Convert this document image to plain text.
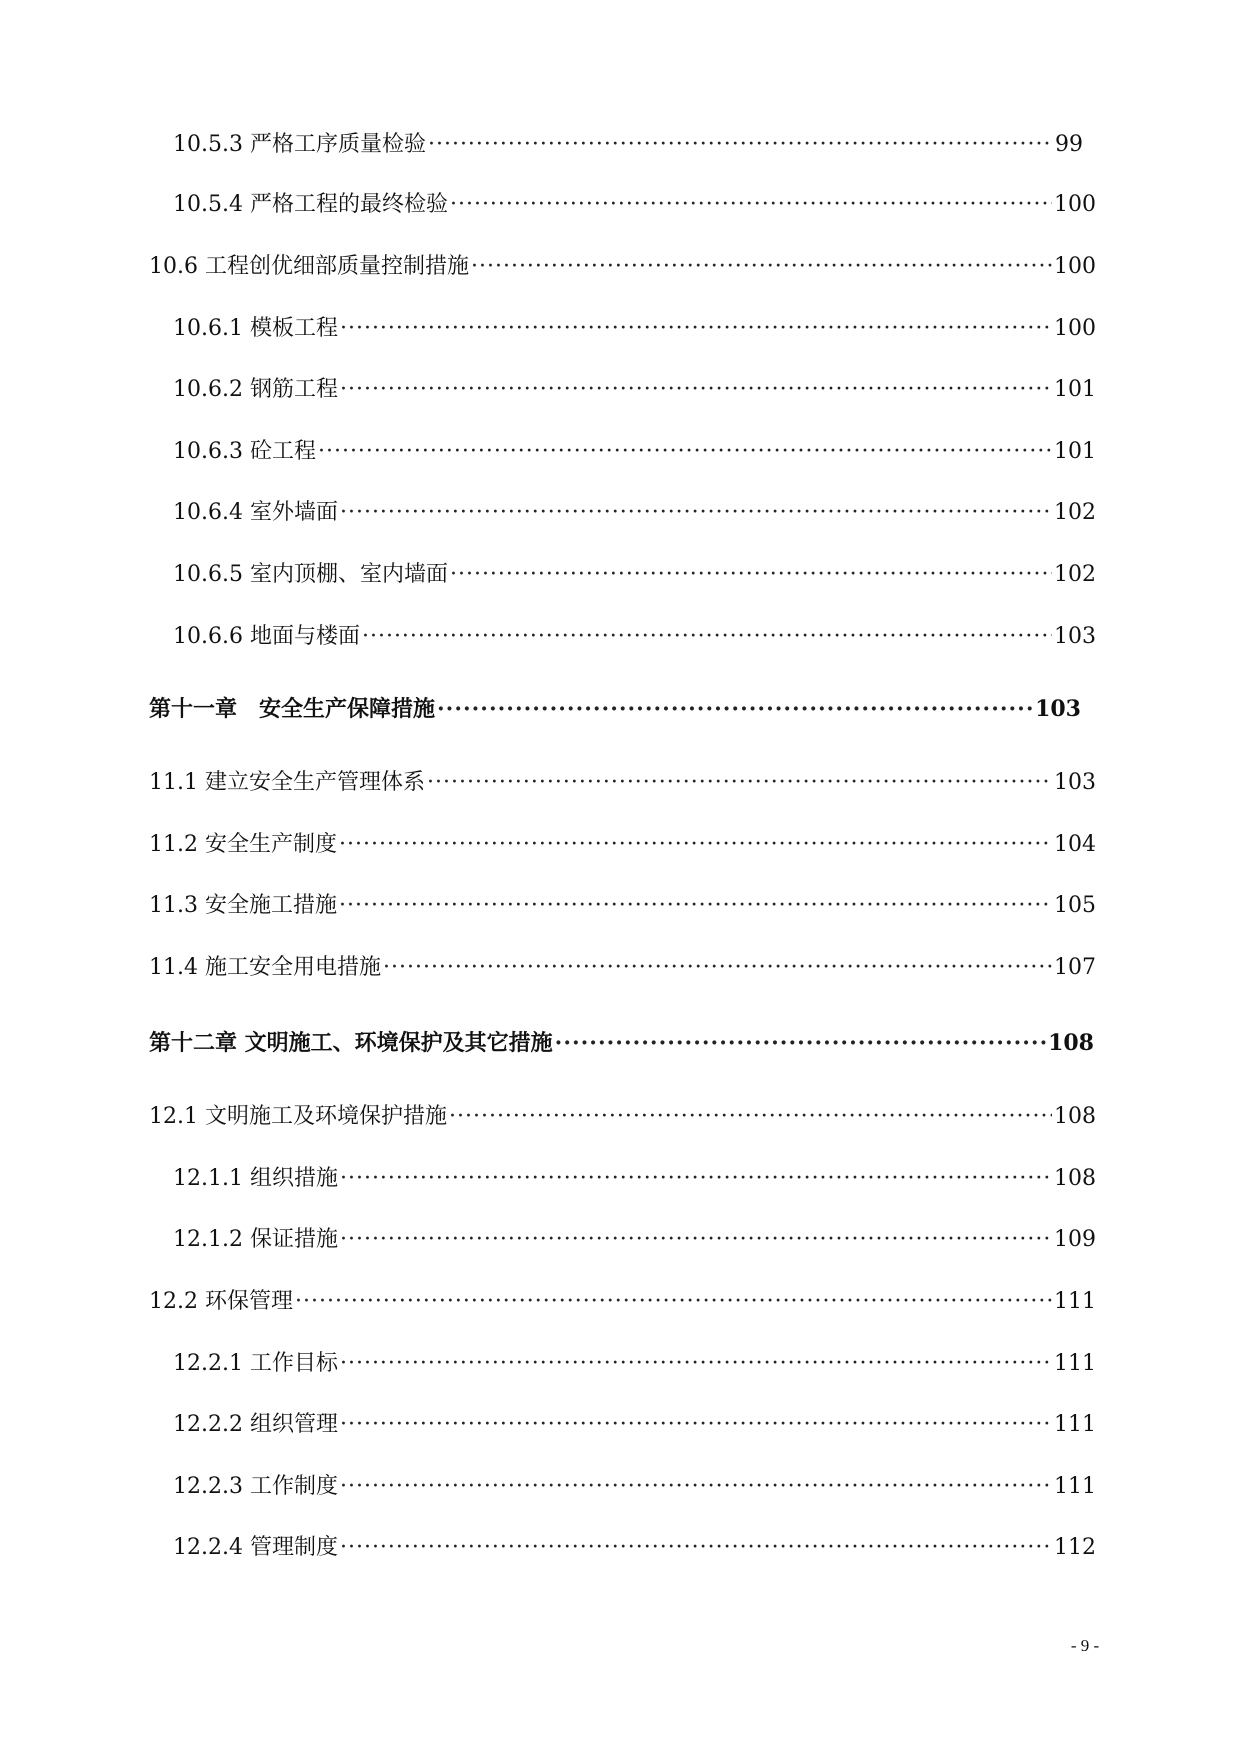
10.5.3 严格工序质量检验 ·····	99
10.5.4 严格工程的最终检验 ·····	100
10.6 工程创优细部质量控制措施 ·····	100
10.6.1 模板工程 ·····	100
10.6.2 钢筋工程 ·····	101
10.6.3 砼工程 ·····	101
10.6.4 室外墙面 ·····	102
10.6.5 室内顶棚、室内墙面 ·····	102
10.6.6 地面与楼面 ·····	103
第十一章　安全生产保障措施 ·····	103
11.1 建立安全生产管理体系 ·····	103
11.2 安全生产制度 ·····	104
11.3 安全施工措施 ·····	105
11.4 施工安全用电措施 ·····	107
第十二章 文明施工、环境保护及其它措施 ·····	108
12.1 文明施工及环境保护措施 ·····	108
12.1.1 组织措施 ·····	108
12.1.2 保证措施 ·····	109
12.2 环保管理 ·····	111
12.2.1 工作目标 ·····	111
12.2.2 组织管理 ·····	111
12.2.3 工作制度 ·····	111
12.2.4 管理制度 ·····	112
- 9 -
